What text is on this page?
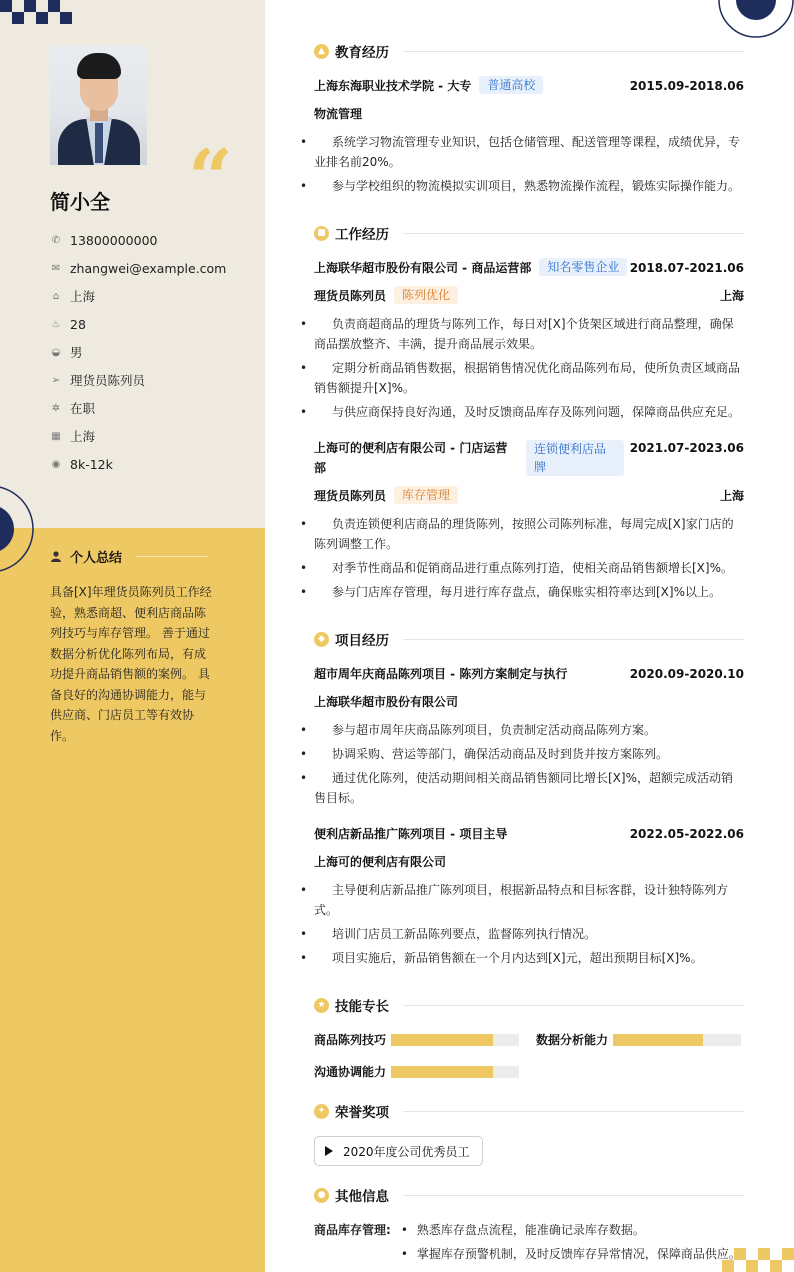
“
简小全
✆ 13800000000
✉ zhangwei@example.com
⌂ 上海
♨ 28
◒ 男
➢ 理货员陈列员
✲ 在职
▦ 上海
◉ 8k-12k
个人总结
具备[X]年理货员陈列员工作经验，熟悉商超、便利店商品陈列技巧与库存管理。 善于通过数据分析优化陈列布局，有成功提升商品销售额的案例。 具备良好的沟通协调能力，能与供应商、门店员工等有效协作。
▲ 教育经历
上海东海职业技术学院 - 大专	普通高校	2015.09-2018.06
物流管理
• 系统学习物流管理专业知识，包括仓储管理、配送管理等课程，成绩优异，专业排名前20%。
• 参与学校组织的物流模拟实训项目，熟悉物流操作流程，锻炼实际操作能力。
■ 工作经历
上海联华超市股份有限公司 - 商品运营部	知名零售企业 2018.07-2021.06
理货员陈列员	陈列优化	上海
• 负责商超商品的理货与陈列工作，每日对[X]个货架区域进行商品整理，确保商品摆放整齐、丰满，提升商品展示效果。
• 定期分析商品销售数据，根据销售情况优化商品陈列布局，使所负责区域商品销售额提升[X]%。
• 与供应商保持良好沟通，及时反馈商品库存及陈列问题，保障商品供应充足。
上海可的便利店有限公司 - 门店运营部
连锁便利店品牌
2021.07-2023.06
理货员陈列员	库存管理	上海
• 负责连锁便利店商品的理货陈列，按照公司陈列标准，每周完成[X]家门店的陈列调整工作。
• 对季节性商品和促销商品进行重点陈列打造，使相关商品销售额增长[X]%。
• 参与门店库存管理，每月进行库存盘点，确保账实相符率达到[X]%以上。
◆ 项目经历
超市周年庆商品陈列项目 - 陈列方案制定与执行	2020.09-2020.10
上海联华超市股份有限公司
• 参与超市周年庆商品陈列项目，负责制定活动商品陈列方案。
• 协调采购、营运等部门，确保活动商品及时到货并按方案陈列。
• 通过优化陈列，使活动期间相关商品销售额同比增长[X]%，超额完成活动销售目标。
便利店新品推广陈列项目 - 项目主导	2022.05-2022.06
上海可的便利店有限公司
• 主导便利店新品推广陈列项目，根据新品特点和目标客群，设计独特陈列方式。
• 培训门店员工新品陈列要点，监督陈列执行情况。
• 项目实施后，新品销售额在一个月内达到[X]元，超出预期目标[X]%。
★ 技能专长
商品陈列技巧	数据分析能力
沟通协调能力
✦ 荣誉奖项
2020年度公司优秀员工
● 其他信息
商品库存管理:
•	熟悉库存盘点流程，能准确记录库存数据。
• 掌握库存预警机制，及时反馈库存异常情况，保障商品供应。
